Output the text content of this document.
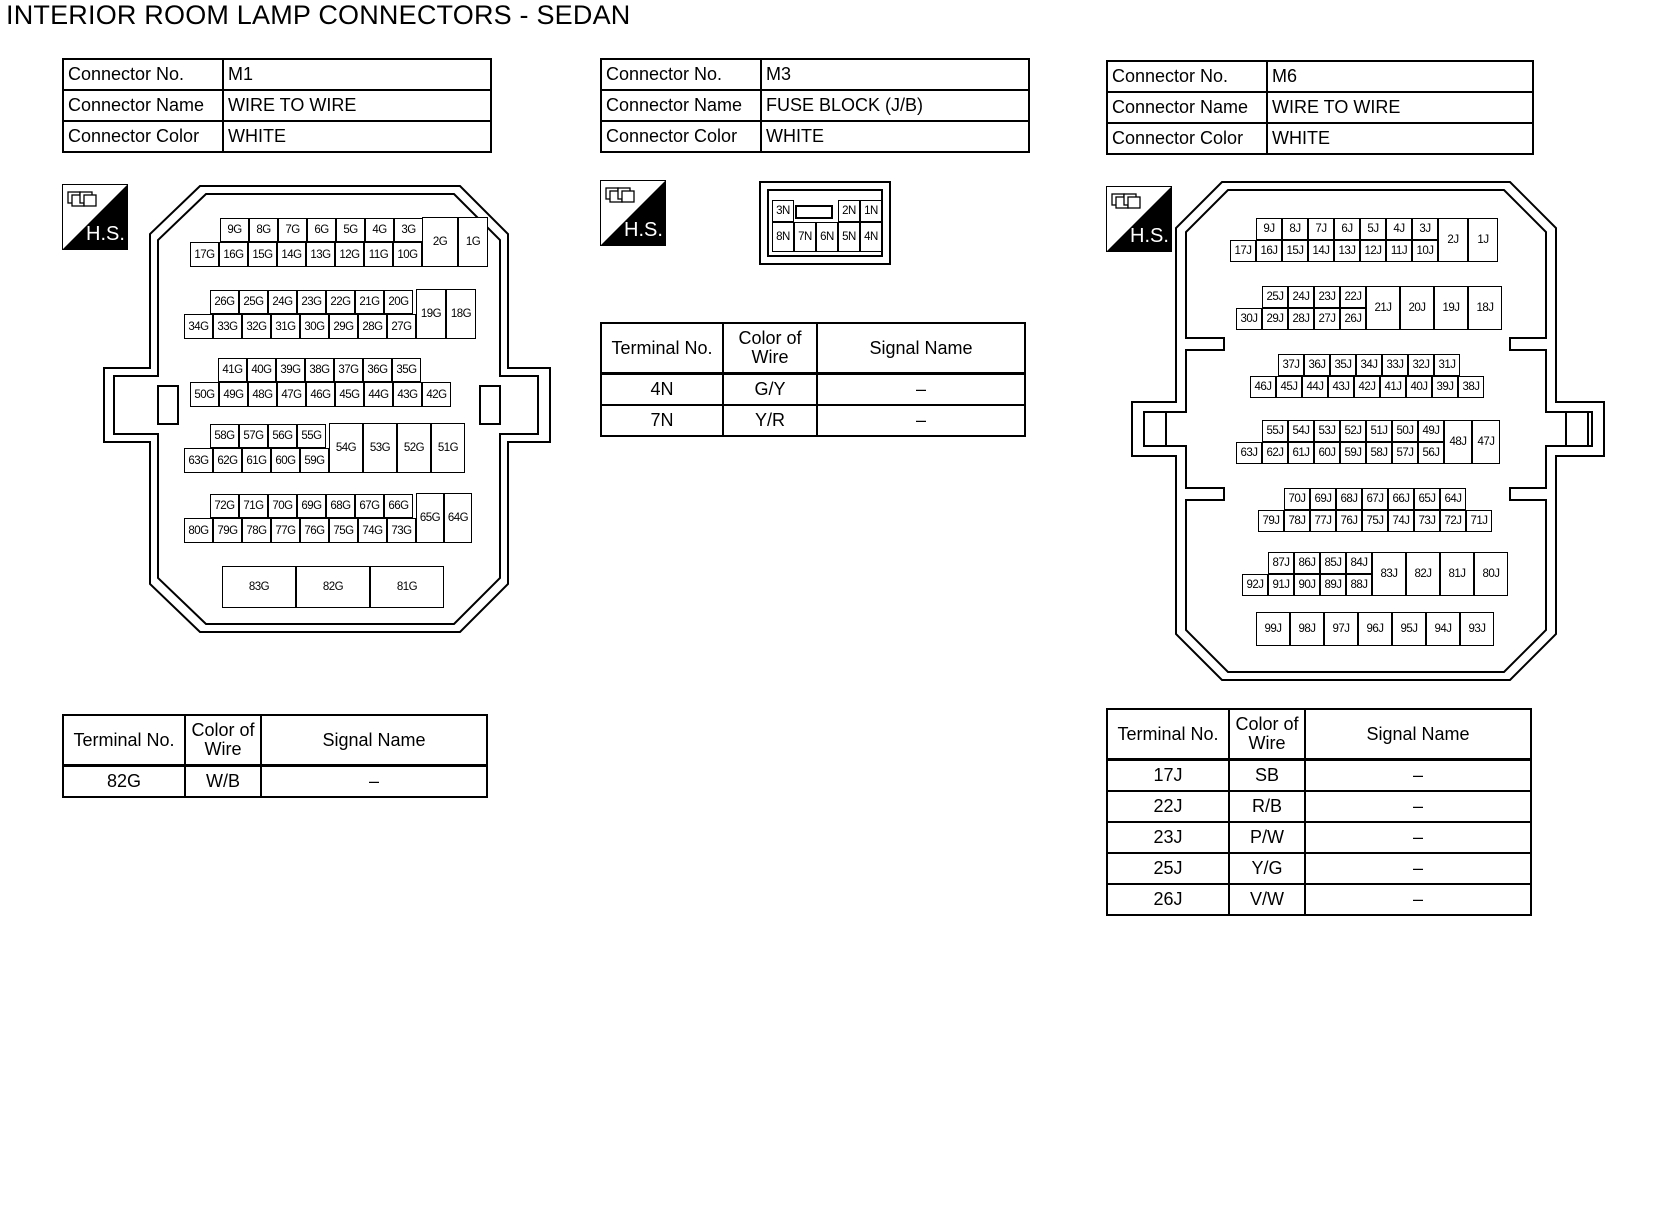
INTERIOR ROOM LAMP CONNECTORS - SEDAN
Connector No.	M1
Connector Name	WIRE TO WIRE
Connector Color	WHITE
Connector No.	M3
Connector Name	FUSE BLOCK (J/B)
Connector Color	WHITE
Connector No.	M6
Connector Name	WIRE TO WIRE
Connector Color	WHITE
H.S.	H.S.	H.S.
9G	8G	7G	6G	5G	4G	3G
17G 16G 15G 14G 13G 12G 11G 10G
2G	1G
26G 25G 24G 23G 22G 21G 20G
34G 33G 32G 31G 30G 29G 28G 27G
19G 18G
41G 40G 39G 38G 37G 36G 35G
50G 49G 48G 47G 46G 45G 44G 43G 42G
58G 57G 56G 55G
63G 62G 61G 60G 59G
54G	53G	52G	51G
72G 71G 70G 69G 68G 67G 66G
80G 79G 78G 77G 76G 75G 74G 73G
65G 64G
83G	82G	81G
3N	2N 1N
8N 7N 6N 5N 4N
9J	8J	7J	6J	5J	4J	3J
17J 16J 15J 14J 13J 12J 11J 10J
2J	1J
25J 24J 23J 22J
30J 29J 28J 27J 26J
21J	20J	19J	18J
37J 36J 35J 34J 33J 32J 31J
46J 45J 44J 43J 42J 41J 40J 39J 38J
55J 54J 53J 52J 51J 50J 49J
63J 62J 61J 60J 59J 58J 57J 56J
48J 47J
70J 69J 68J 67J 66J 65J 64J
79J 78J 77J 76J 75J 74J 73J 72J 71J
87J 86J 85J 84J
92J 91J 90J 89J 88J
83J	82J	81J	80J
99J	98J	97J	96J	95J	94J	93J
Terminal No.	Color of Wire	Signal Name
82G	W/B	–
Terminal No.	Color of Wire	Signal Name
4N	G/Y	–
7N	Y/R	–
Terminal No.	Color of Wire	Signal Name
17J	SB	–
22J	R/B	–
23J	P/W	–
25J	Y/G	–
26J	V/W	–
